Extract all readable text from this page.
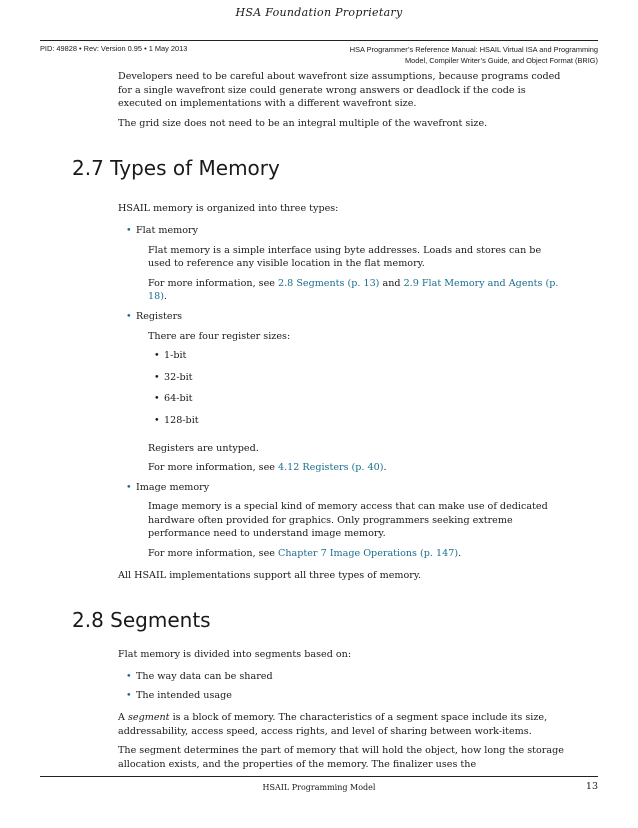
HSA Foundation Proprietary
PID: 49828 • Rev: Version 0.95 • 1 May 2013	HSA Programmer’s Reference Manual: HSAIL Virtual ISA and Programming
Model, Compiler Writer’s Guide, and Object Format (BRIG)

Developers need to be careful about wavefront size assumptions, because programs coded for a single wavefront size could generate wrong answers or deadlock if the code is executed on implementations with a different wavefront size.

The grid size does not need to be an integral multiple of the wavefront size.

2.7 Types of Memory

HSAIL memory is organized into three types:

• Flat memory

Flat memory is a simple interface using byte addresses. Loads and stores can be used to reference any visible location in the flat memory.

For more information, see 2.8 Segments (p. 13) and 2.9 Flat Memory and Agents (p. 18).

• Registers

There are four register sizes:

• 1-bit
• 32-bit
• 64-bit
• 128-bit

Registers are untyped.

For more information, see 4.12 Registers (p. 40).

• Image memory

Image memory is a special kind of memory access that can make use of dedicated hardware often provided for graphics. Only programmers seeking extreme performance need to understand image memory.

For more information, see Chapter 7 Image Operations (p. 147).

All HSAIL implementations support all three types of memory.

2.8 Segments

Flat memory is divided into segments based on:

• The way data can be shared
• The intended usage

A segment is a block of memory. The characteristics of a segment space include its size, addressability, access speed, access rights, and level of sharing between work-items.

The segment determines the part of memory that will hold the object, how long the storage allocation exists, and the properties of the memory. The finalizer uses the

HSAIL Programming Model	13
